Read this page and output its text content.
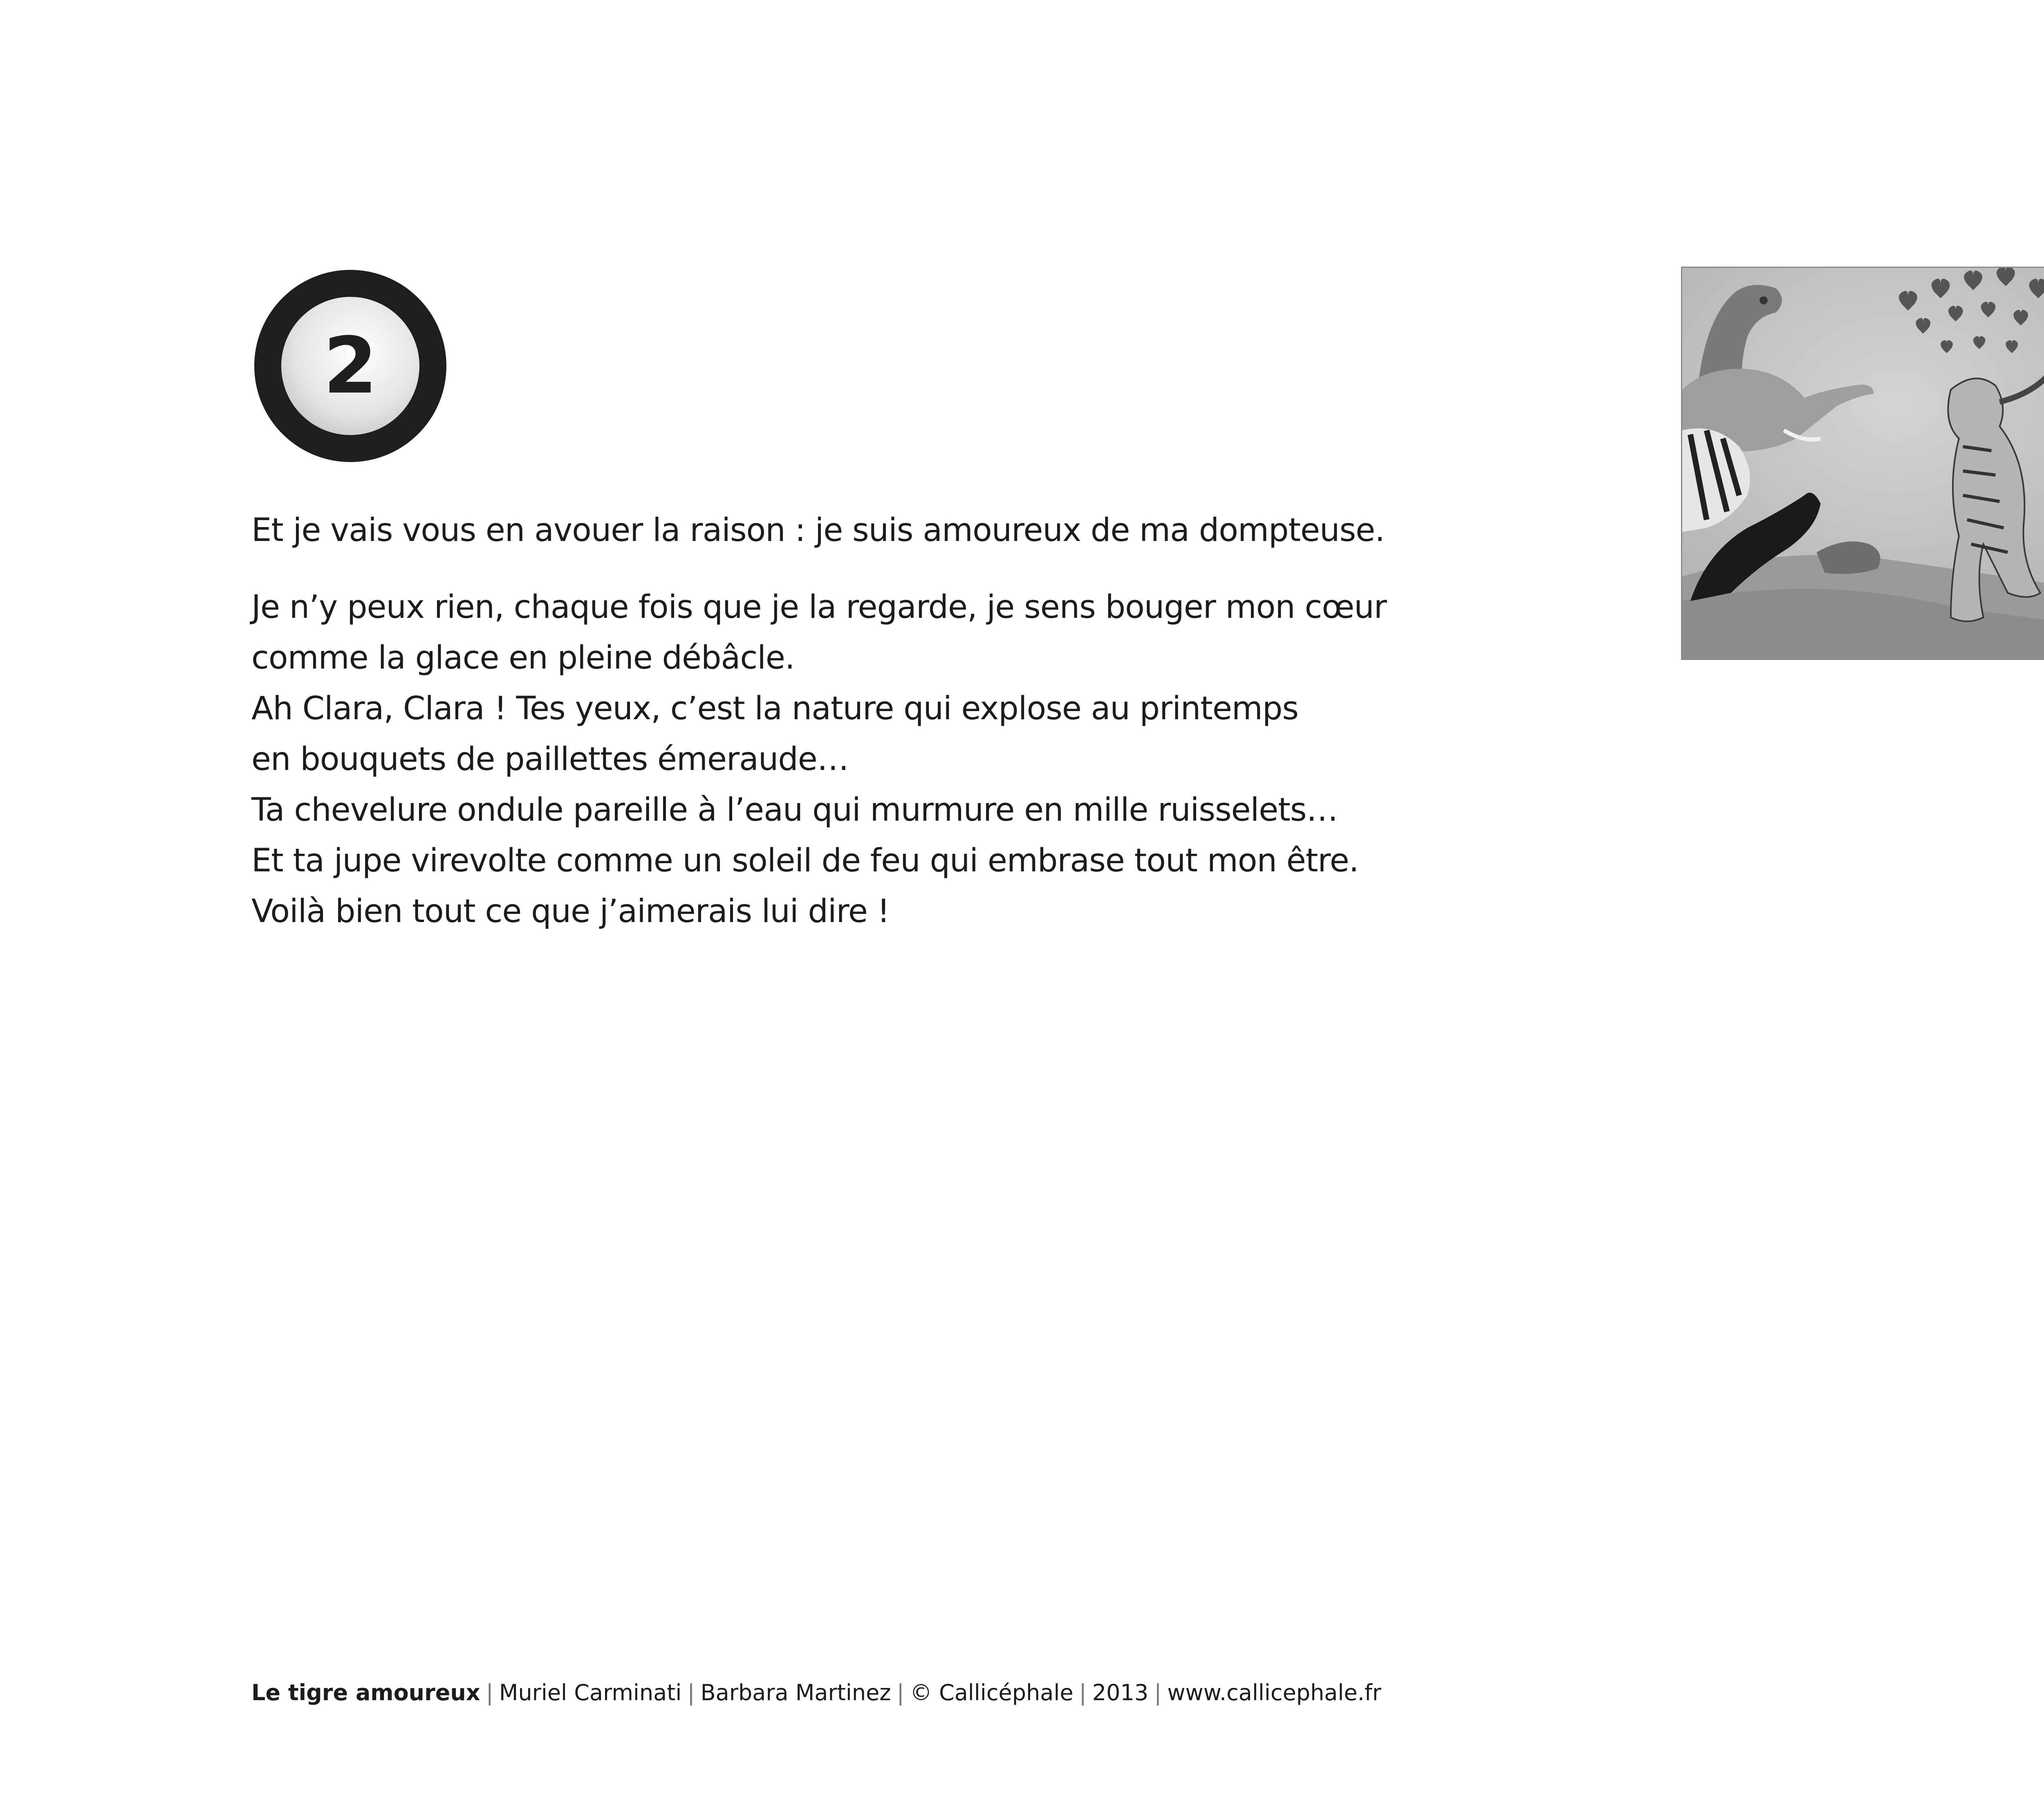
2

Et je vais vous en avouer la raison : je suis amoureux de ma dompteuse.

Je n’y peux rien, chaque fois que je la regarde, je sens bouger mon cœur

comme la glace en pleine débâcle.

Ah Clara, Clara ! Tes yeux, c’est la nature qui explose au printemps

en bouquets de paillettes émeraude…

Ta chevelure ondule pareille à l’eau qui murmure en mille ruisselets…

Et ta jupe virevolte comme un soleil de feu qui embrase tout mon être.

Voilà bien tout ce que j’aimerais lui dire !

Le tigre amoureux | Muriel Carminati | Barbara Martinez | © Callicéphale | 2013 | www.callicephale.fr
